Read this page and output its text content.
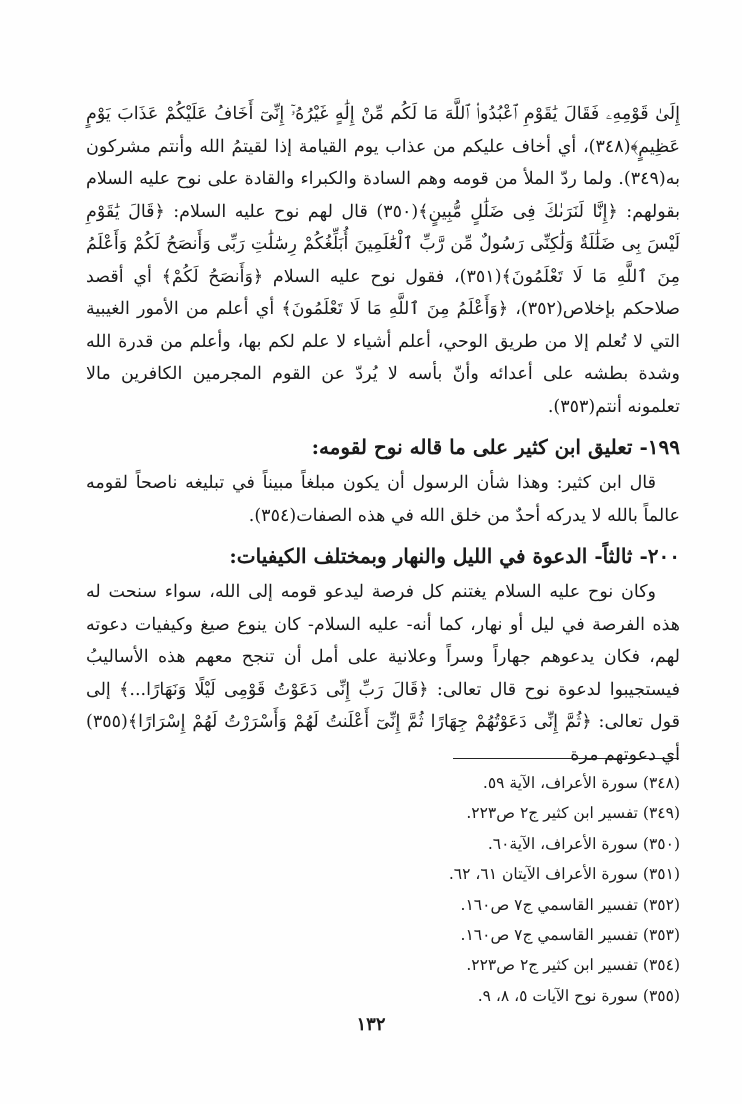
إِلَىٰ قَوْمِهِۦ فَقَالَ يَٰقَوْمِ ٱعْبُدُوا۟ ٱللَّهَ مَا لَكُم مِّنْ إِلَٰهٍ غَيْرُهُۥٓ إِنِّىٓ أَخَافُ عَلَيْكُمْ عَذَابَ يَوْمٍ عَظِيمٍ﴾(٣٤٨)، أي أخاف عليكم من عذاب يوم القيامة إذا لقيتمُ الله وأنتم مشركون به(٣٤٩). ولما ردّ الملأ من قومه وهم السادة والكبراء والقادة على نوح عليه السلام بقولهم: ﴿إِنَّا لَنَرَىٰكَ فِى ضَلَٰلٍ مُّبِينٍ﴾(٣٥٠) قال لهم نوح عليه السلام: ﴿قَالَ يَٰقَوْمِ لَيْسَ بِى ضَلَٰلَةٌ وَلَٰكِنِّى رَسُولٌ مِّن رَّبِّ ٱلْعَٰلَمِينَ أُبَلِّغُكُمْ رِسَٰلَٰتِ رَبِّى وَأَنصَحُ لَكُمْ وَأَعْلَمُ مِنَ ٱللَّهِ مَا لَا تَعْلَمُونَ﴾(٣٥١)، فقول نوح عليه السلام ﴿وَأَنصَحُ لَكُمْ﴾ أي أقصد صلاحكم بإخلاص(٣٥٢)، ﴿وَأَعْلَمُ مِنَ ٱللَّهِ مَا لَا تَعْلَمُونَ﴾ أي أعلم من الأمور الغيبية التي لا تُعلم إلا من طريق الوحي، أعلم أشياء لا علم لكم بها، وأعلم من قدرة الله وشدة بطشه على أعدائه وأنّ بأسه لا يُردّ عن القوم المجرمين الكافرين مالا تعلمونه أنتم(٣٥٣).

١٩٩- تعليق ابن كثير على ما قاله نوح لقومه:

قال ابن كثير: وهذا شأن الرسول أن يكون مبلغاً مبيناً في تبليغه ناصحاً لقومه عالماً بالله لا يدركه أحدٌ من خلق الله في هذه الصفات(٣٥٤).

٢٠٠- ثالثاً- الدعوة في الليل والنهار وبمختلف الكيفيات:

وكان نوح عليه السلام يغتنم كل فرصة ليدعو قومه إلى الله، سواء سنحت له هذه الفرصة في ليل أو نهار، كما أنه- عليه السلام- كان ينوع صيغ وكيفيات دعوته لهم، فكان يدعوهم جهاراً وسراً وعلانية على أمل أن تنجح معهم هذه الأساليبُ فيستجيبوا لدعوة نوح قال تعالى: ﴿قَالَ رَبِّ إِنِّى دَعَوْتُ قَوْمِى لَيْلًا وَنَهَارًا...﴾ إلى قول تعالى: ﴿ثُمَّ إِنِّى دَعَوْتُهُمْ جِهَارًا ثُمَّ إِنِّىٓ أَعْلَنتُ لَهُمْ وَأَسْرَرْتُ لَهُمْ إِسْرَارًا﴾(٣٥٥) أي دعوتهم مرة

(٣٤٨) سورة الأعراف، الآية ٥٩.
(٣٤٩) تفسير ابن كثير ج٢ ص٢٢٣.
(٣٥٠) سورة الأعراف، الآية٦٠.
(٣٥١) سورة الأعراف الآيتان ٦١، ٦٢.
(٣٥٢) تفسير القاسمي ج٧ ص١٦٠.
(٣٥٣) تفسير القاسمي ج٧ ص١٦٠.
(٣٥٤) تفسير ابن كثير ج٢ ص٢٢٣.
(٣٥٥) سورة نوح الآيات ٥، ٨، ٩.
١٣٢
